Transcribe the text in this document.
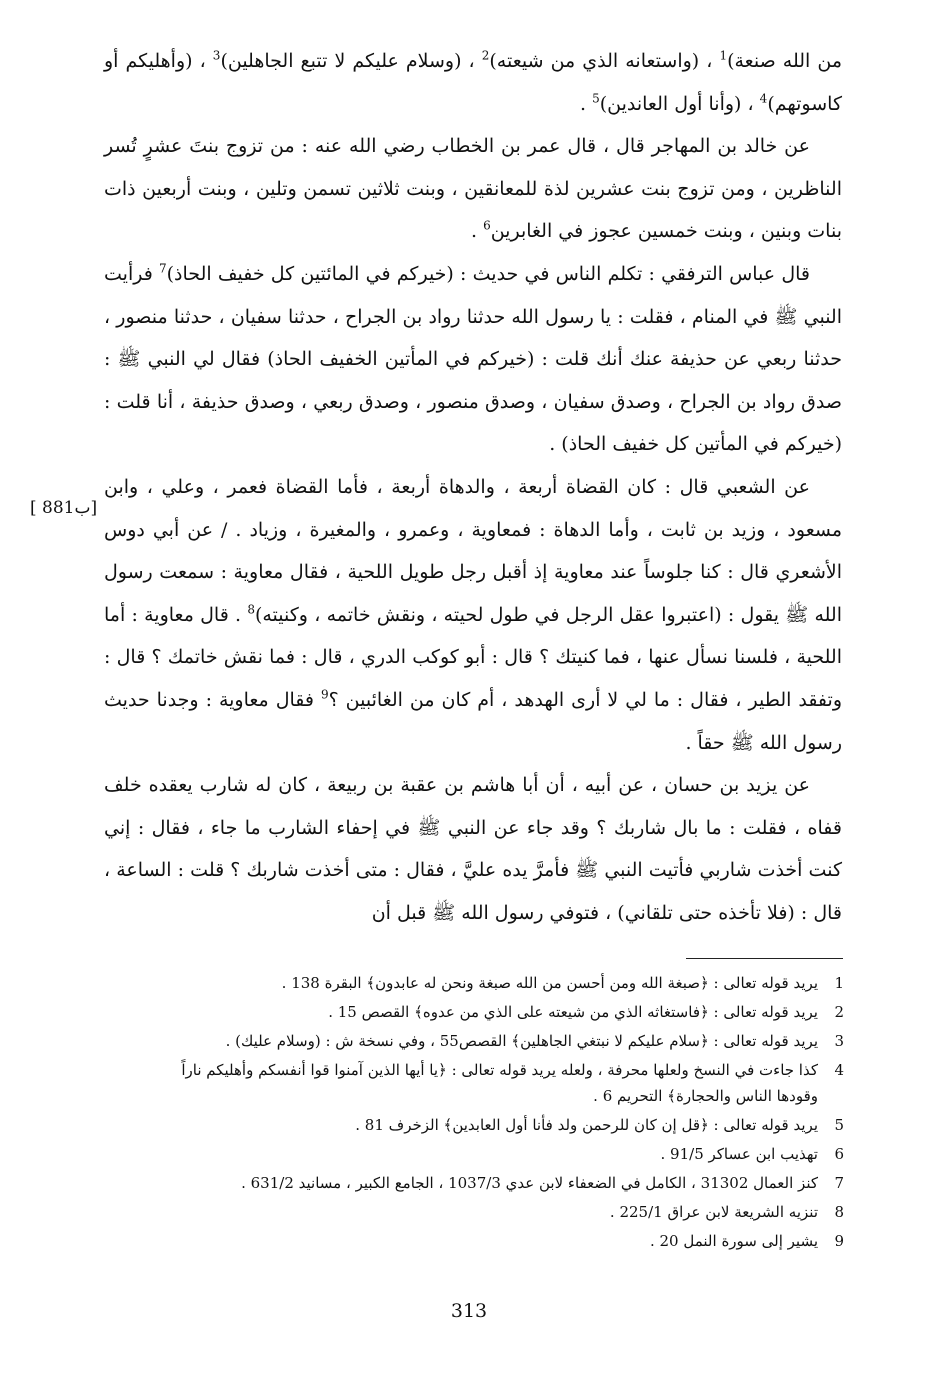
من الله صنعة)$^1$ ، (واستعانه الذي من شيعته)$^2$ ، (وسلام عليكم لا تتبع الجاهلين)$^3$ ، (وأهليكم أو كاسوتهم)$^4$ ، (وأنا أول العاندين)$^5$ .

عن خالد بن المهاجر قال ، قال عمر بن الخطاب رضي الله عنه : من تزوج بنتَ عشرٍ تُسر الناظرين ، ومن تزوج بنت عشرين لذة للمعانقين ، وبنت ثلاثين تسمن وتلين ، وبنت أربعين ذات بنات وبنين ، وبنت خمسين عجوز في الغابرين$^6$ .

قال عباس الترفقي : تكلم الناس في حديث : (خيركم في المائتين كل خفيف الحاذ)$^7$ فرأيت النبي ﷺ في المنام ، فقلت : يا رسول الله حدثنا رواد بن الجراح ، حدثنا سفيان ، حدثنا منصور ، حدثنا ربعي عن حذيفة عنك أنك قلت : (خيركم في المأتين الخفيف الحاذ) فقال لي النبي ﷺ : صدق رواد بن الجراح ، وصدق سفيان ، وصدق منصور ، وصدق ربعي ، وصدق حذيفة ، أنا قلت : (خيركم في المأتين كل خفيف الحاذ) .

عن الشعبي قال : كان القضاة أربعة ، والدهاة أربعة ، فأما القضاة فعمر ، وعلي ، وابن مسعود ، وزيد بن ثابت ، وأما الدهاة : فمعاوية ، وعمرو ، والمغيرة ، وزياد . / عن أبي دوس الأشعري قال : كنا جلوساً عند معاوية إذ أقبل رجل طويل اللحية ، فقال معاوية : سمعت رسول الله ﷺ يقول : (اعتبروا عقل الرجل في طول لحيته ، ونقش خاتمه ، وكنيته)$^8$ . قال معاوية : أما اللحية ، فلسنا نسأل عنها ، فما كنيتك ؟ قال : أبو كوكب الدري ، قال : فما نقش خاتمك ؟ قال : وتفقد الطير ، فقال : ما لي لا أرى الهدهد ، أم كان من الغائبين ؟$^9$ فقال معاوية : وجدنا حديث رسول الله ﷺ حقاً .

عن يزيد بن حسان ، عن أبيه ، أن أبا هاشم بن عقبة بن ربيعة ، كان له شارب يعقده خلف قفاه ، فقلت : ما بال شاربك ؟ وقد جاء عن النبي ﷺ في إحفاء الشارب ما جاء ، فقال : إني كنت أخذت شاربي فأتيت النبي ﷺ فأمرَّ يده عليَّ ، فقال : متى أخذت شاربك ؟ قلت : الساعة ، قال : (فلا تأخذه حتى تلقاني) ، فتوفي رسول الله ﷺ قبل أن

[ 881ب]
1
يريد قوله تعالى : ﴿صبغة الله ومن أحسن من الله صبغة ونحن له عابدون﴾ البقرة 138 .
2
يريد قوله تعالى : ﴿فاستغاثه الذي من شيعته على الذي من عدوه﴾ القصص 15 .
3
يريد قوله تعالى : ﴿سلام عليكم لا نبتغي الجاهلين﴾ القصص55 ، وفي نسخة ش : (وسلام عليك) .
4
كذا جاءت في النسخ ولعلها محرفة ، ولعله يريد قوله تعالى : ﴿يا أيها الذين آمنوا قوا أنفسكم وأهليكم ناراً وقودها الناس والحجارة﴾ التحريم 6 .
5
يريد قوله تعالى : ﴿قل إن كان للرحمن ولد فأنا أول العابدين﴾ الزخرف 81 .
6
تهذيب ابن عساكر 91/5 .
7
كنز العمال 31302 ، الكامل في الضعفاء لابن عدي 1037/3 ، الجامع الكبير ، مسانيد 631/2 .
8
تنزيه الشريعة لابن عراق 225/1 .
9
يشير إلى سورة النمل 20 .
313
